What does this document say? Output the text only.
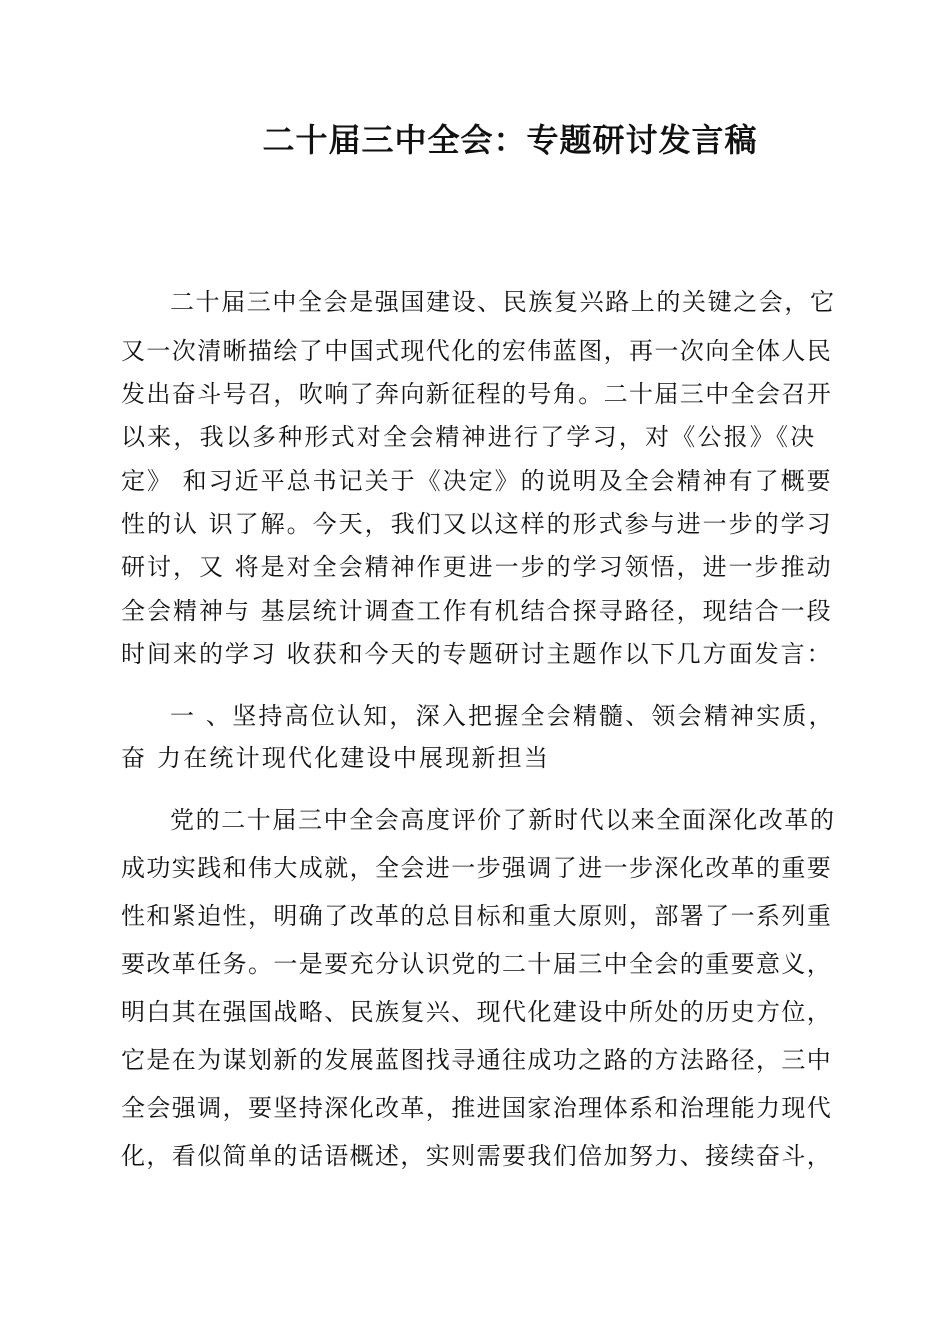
二十届三中全会：专题研讨发言稿

二十届三中全会是强国建设、民族复兴路上的关键之会，它

又一次清晰描绘了中国式现代化的宏伟蓝图，再一次向全体人民

发出奋斗号召，吹响了奔向新征程的号角。二十届三中全会召开

以来，我以多种形式对全会精神进行了学习，对《公报》《决

定》 和习近平总书记关于《决定》的说明及全会精神有了概要

性的认 识了解。今天，我们又以这样的形式参与进一步的学习

研讨，又 将是对全会精神作更进一步的学习领悟，进一步推动

全会精神与 基层统计调查工作有机结合探寻路径，现结合一段

时间来的学习 收获和今天的专题研讨主题作以下几方面发言：

一 、坚持高位认知，深入把握全会精髓、领会精神实质，

奋 力在统计现代化建设中展现新担当

党的二十届三中全会高度评价了新时代以来全面深化改革的

成功实践和伟大成就，全会进一步强调了进一步深化改革的重要

性和紧迫性，明确了改革的总目标和重大原则，部署了一系列重

要改革任务。一是要充分认识党的二十届三中全会的重要意义，

明白其在强国战略、民族复兴、现代化建设中所处的历史方位，

它是在为谋划新的发展蓝图找寻通往成功之路的方法路径，三中

全会强调，要坚持深化改革，推进国家治理体系和治理能力现代

化，看似简单的话语概述，实则需要我们倍加努力、接续奋斗，
